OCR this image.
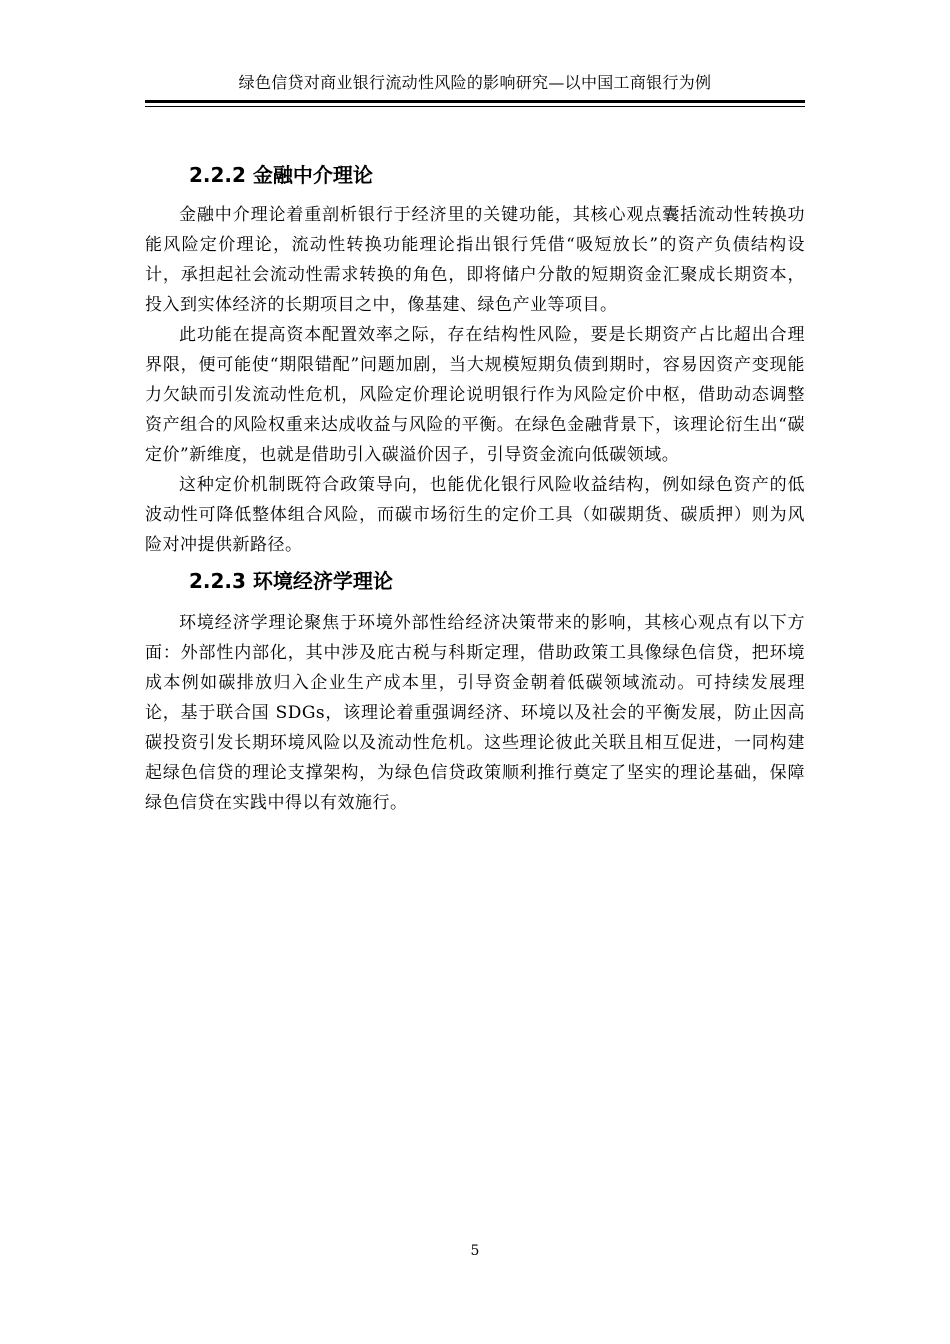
绿色信贷对商业银行流动性风险的影响研究—以中国工商银行为例
2.2.2 金融中介理论

金融中介理论着重剖析银行于经济里的关键功能，其核心观点囊括流动性转换功能风险定价理论，流动性转换功能理论指出银行凭借“吸短放长”的资产负债结构设计，承担起社会流动性需求转换的角色，即将储户分散的短期资金汇聚成长期资本，投入到实体经济的长期项目之中，像基建、绿色产业等项目。

此功能在提高资本配置效率之际，存在结构性风险，要是长期资产占比超出合理界限，便可能使“期限错配”问题加剧，当大规模短期负债到期时，容易因资产变现能力欠缺而引发流动性危机，风险定价理论说明银行作为风险定价中枢，借助动态调整资产组合的风险权重来达成收益与风险的平衡。在绿色金融背景下，该理论衍生出“碳定价”新维度，也就是借助引入碳溢价因子，引导资金流向低碳领域。

这种定价机制既符合政策导向，也能优化银行风险收益结构，例如绿色资产的低波动性可降低整体组合风险，而碳市场衍生的定价工具（如碳期货、碳质押）则为风险对冲提供新路径。

2.2.3 环境经济学理论

环境经济学理论聚焦于环境外部性给经济决策带来的影响，其核心观点有以下方面：外部性内部化，其中涉及庇古税与科斯定理，借助政策工具像绿色信贷，把环境成本例如碳排放归入企业生产成本里，引导资金朝着低碳领域流动。可持续发展理论，基于联合国 SDGs，该理论着重强调经济、环境以及社会的平衡发展，防止因高碳投资引发长期环境风险以及流动性危机。这些理论彼此关联且相互促进，一同构建起绿色信贷的理论支撑架构，为绿色信贷政策顺利推行奠定了坚实的理论基础，保障绿色信贷在实践中得以有效施行。

5
